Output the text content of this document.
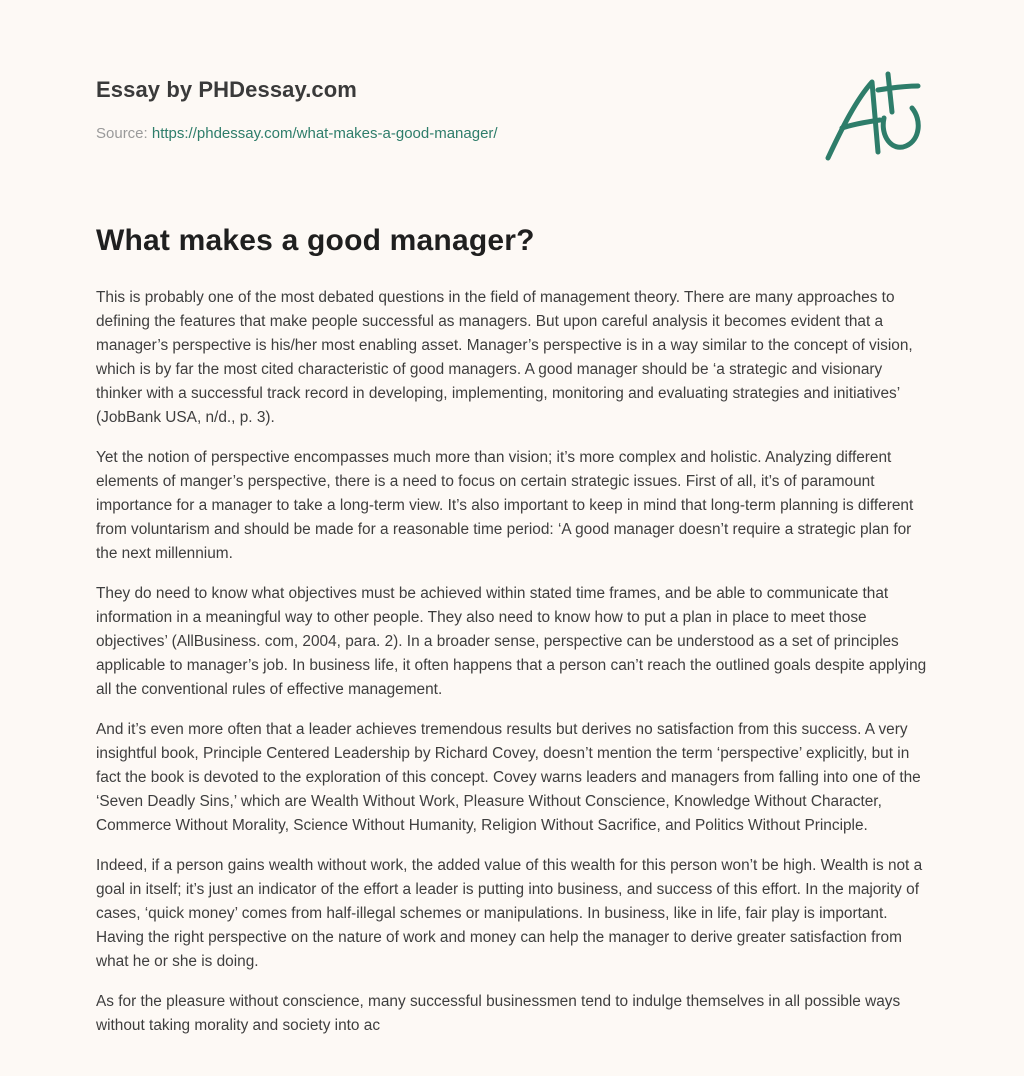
Essay by PHDessay.com
Source: https://phdessay.com/what-makes-a-good-manager/
What makes a good manager?

This is probably one of the most debated questions in the field of management theory. There are many approaches to defining the features that make people successful as managers. But upon careful analysis it becomes evident that a manager’s perspective is his/her most enabling asset. Manager’s perspective is in a way similar to the concept of vision, which is by far the most cited characteristic of good managers. A good manager should be ‘a strategic and visionary thinker with a successful track record in developing, implementing, monitoring and evaluating strategies and initiatives’ (JobBank USA, n/d., p. 3).

Yet the notion of perspective encompasses much more than vision; it’s more complex and holistic. Analyzing different elements of manger’s perspective, there is a need to focus on certain strategic issues. First of all, it’s of paramount importance for a manager to take a long-term view. It’s also important to keep in mind that long-term planning is different from voluntarism and should be made for a reasonable time period: ‘A good manager doesn’t require a strategic plan for the next millennium.

They do need to know what objectives must be achieved within stated time frames, and be able to communicate that information in a meaningful way to other people. They also need to know how to put a plan in place to meet those objectives’ (AllBusiness. com, 2004, para. 2). In a broader sense, perspective can be understood as a set of principles applicable to manager’s job. In business life, it often happens that a person can’t reach the outlined goals despite applying all the conventional rules of effective management.

And it’s even more often that a leader achieves tremendous results but derives no satisfaction from this success. A very insightful book, Principle Centered Leadership by Richard Covey, doesn’t mention the term ‘perspective’ explicitly, but in fact the book is devoted to the exploration of this concept. Covey warns leaders and managers from falling into one of the ‘Seven Deadly Sins,’ which are Wealth Without Work, Pleasure Without Conscience, Knowledge Without Character, Commerce Without Morality, Science Without Humanity, Religion Without Sacrifice, and Politics Without Principle.

Indeed, if a person gains wealth without work, the added value of this wealth for this person won’t be high. Wealth is not a goal in itself; it’s just an indicator of the effort a leader is putting into business, and success of this effort. In the majority of cases, ‘quick money’ comes from half-illegal schemes or manipulations. In business, like in life, fair play is important. Having the right perspective on the nature of work and money can help the manager to derive greater satisfaction from what he or she is doing.

As for the pleasure without conscience, many successful businessmen tend to indulge themselves in all possible ways without taking morality and society into ac
